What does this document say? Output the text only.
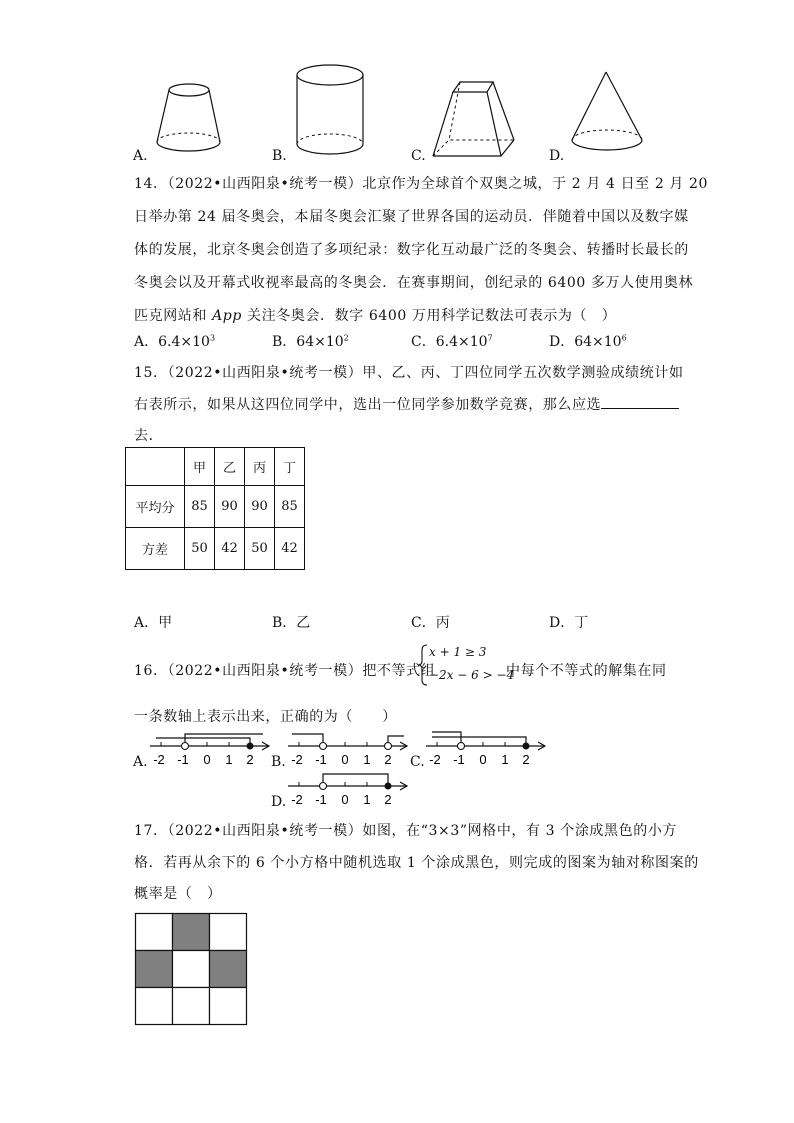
A.	B.	C.	D.
14．（2022•山西阳泉•统考一模）北京作为全球首个双奥之城，于 2 月 4 日至 2 月 20
日举办第 24 届冬奥会，本届冬奥会汇聚了世界各国的运动员．伴随着中国以及数字媒
体的发展，北京冬奥会创造了多项纪录：数字化互动最广泛的冬奥会、转播时长最长的
冬奥会以及开幕式收视率最高的冬奥会．在赛事期间，创纪录的 6400 多万人使用奥林
匹克网站和 App 关注冬奥会．数字 6400 万用科学记数法可表示为（　）
A．$6.4\times 10^3$	B．$64\times 10^2$	C．$6.4\times 10^7$	D．$64\times 10^6$
15．（2022•山西阳泉•统考一模）甲、乙、丙、丁四位同学五次数学测验成绩统计如
右表所示，如果从这四位同学中，选出一位同学参加数学竞赛，那么应选
去．
	甲	乙	丙	丁
平均分	85	90	90	85
方差	50	42	50	42
A．甲	B．乙	C．丙	D．丁
16．（2022•山西阳泉•统考一模）把不等式组
x + 1 ≥ 3
−2x − 6 > −4
中每个不等式的解集在同
一条数轴上表示出来，正确的为（　　）
A. -2 -1 0 1 2 B. -2 -1 0 1 2 C. -2 -1 0 1 2
D. -2 -1 0 1 2
17．（2022•山西阳泉•统考一模）如图，在“3×3”网格中，有 3 个涂成黑色的小方
格．若再从余下的 6 个小方格中随机选取 1 个涂成黑色，则完成的图案为轴对称图案的
概率是（　）
